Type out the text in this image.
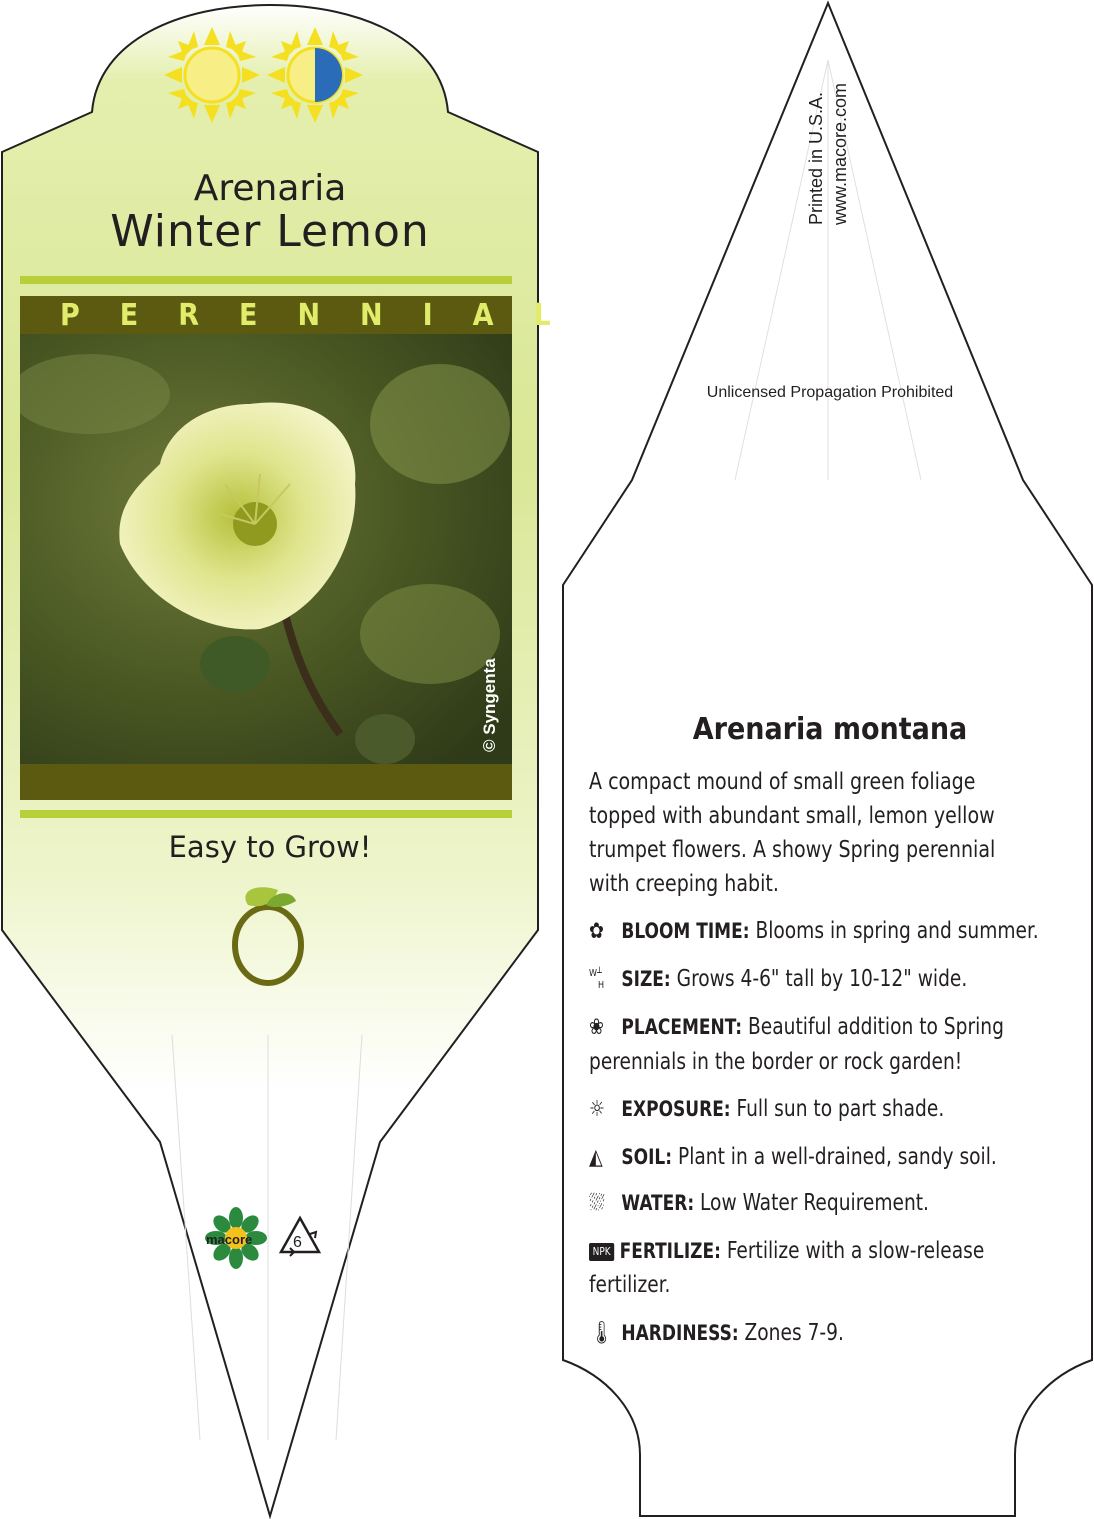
Arenaria
Winter Lemon
PERENNIAL
© Syngenta
Easy to Grow!
macore	6
Printed in U.S.A. www.macore.com
Unlicensed Propagation Prohibited
Arenaria montana
A compact mound of small green foliage topped with abundant small, lemon yellow trumpet flowers. A showy Spring perennial with creeping habit.
✿ BLOOM TIME: Blooms in spring and summer.
W┴
H SIZE: Grows 4-6" tall by 10-12" wide.
❀ PLACEMENT: Beautiful addition to Spring perennials in the border or rock garden!
☼ EXPOSURE: Full sun to part shade.
◭ SOIL: Plant in a well-drained, sandy soil.
⛆ WATER: Low Water Requirement.
NPK FERTILIZE: Fertilize with a slow-release fertilizer.
🌡 HARDINESS: Zones 7-9.
